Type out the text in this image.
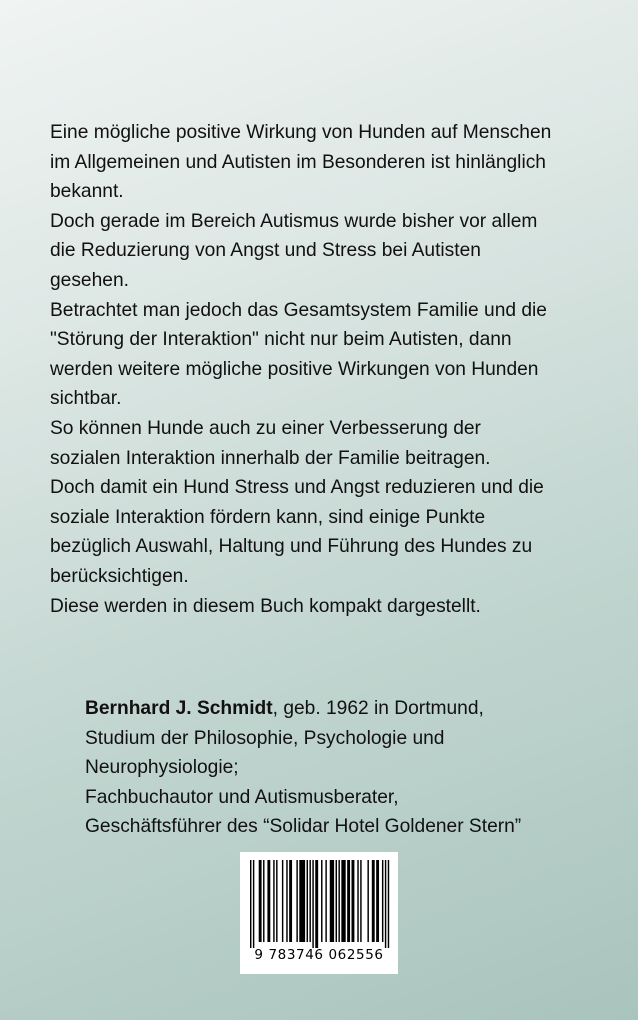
Eine mögliche positive Wirkung von Hunden auf Menschen

im Allgemeinen und Autisten im Besonderen ist hinlänglich

bekannt.

Doch gerade im Bereich Autismus wurde bisher vor allem

die Reduzierung von Angst und Stress bei Autisten

gesehen.

Betrachtet man jedoch das Gesamtsystem Familie und die

"Störung der Interaktion" nicht nur beim Autisten, dann

werden weitere mögliche positive Wirkungen von Hunden

sichtbar.

So können Hunde auch zu einer Verbesserung der

sozialen Interaktion innerhalb der Familie beitragen.

Doch damit ein Hund Stress und Angst reduzieren und die

soziale Interaktion fördern kann, sind einige Punkte

bezüglich Auswahl, Haltung und Führung des Hundes zu

berücksichtigen.

Diese werden in diesem Buch kompakt dargestellt.

Bernhard J. Schmidt, geb. 1962 in Dortmund,

Studium der Philosophie, Psychologie und

Neurophysiologie;

Fachbuchautor und Autismusberater,

Geschäftsführer des “Solidar Hotel Goldener Stern”

9 783746 062556
